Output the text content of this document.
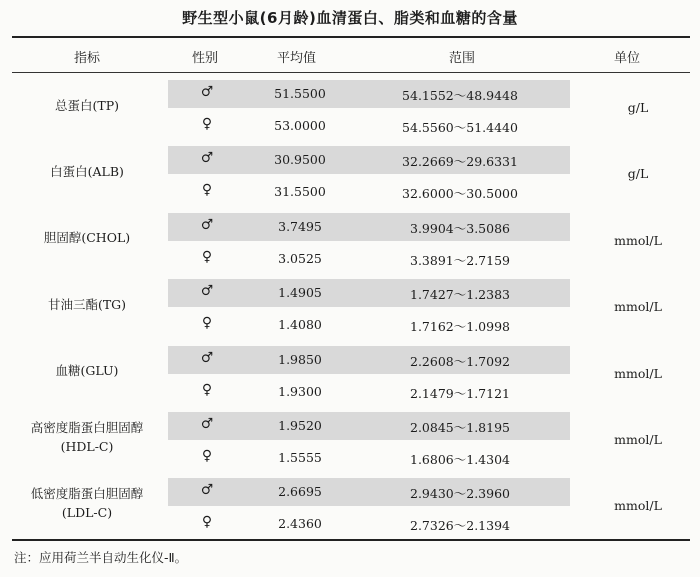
野生型小鼠(6月龄)血清蛋白、脂类和血糖的含量
指标	性别	平均值	范围	单位
总蛋白(TP)	g/L
♂	51.5500	54.1552～48.9448
♀	53.0000	54.5560～51.4440
白蛋白(ALB)	g/L
♂	30.9500	32.2669～29.6331
♀	31.5500	32.6000～30.5000
胆固醇(CHOL)	mmol/L
♂	3.7495	3.9904～3.5086
♀	3.0525	3.3891～2.7159
甘油三酯(TG)	mmol/L
♂	1.4905	1.7427～1.2383
♀	1.4080	1.7162～1.0998
血糖(GLU)	mmol/L
♂	1.9850	2.2608～1.7092
♀	1.9300	2.1479～1.7121
高密度脂蛋白胆固醇
(HDL-C)	mmol/L
♂	1.9520	2.0845～1.8195
♀	1.5555	1.6806～1.4304
低密度脂蛋白胆固醇
(LDL-C)	mmol/L
♂	2.6695	2.9430～2.3960
♀	2.4360	2.7326～2.1394
注：应用荷兰半自动生化仪-Ⅱ。
